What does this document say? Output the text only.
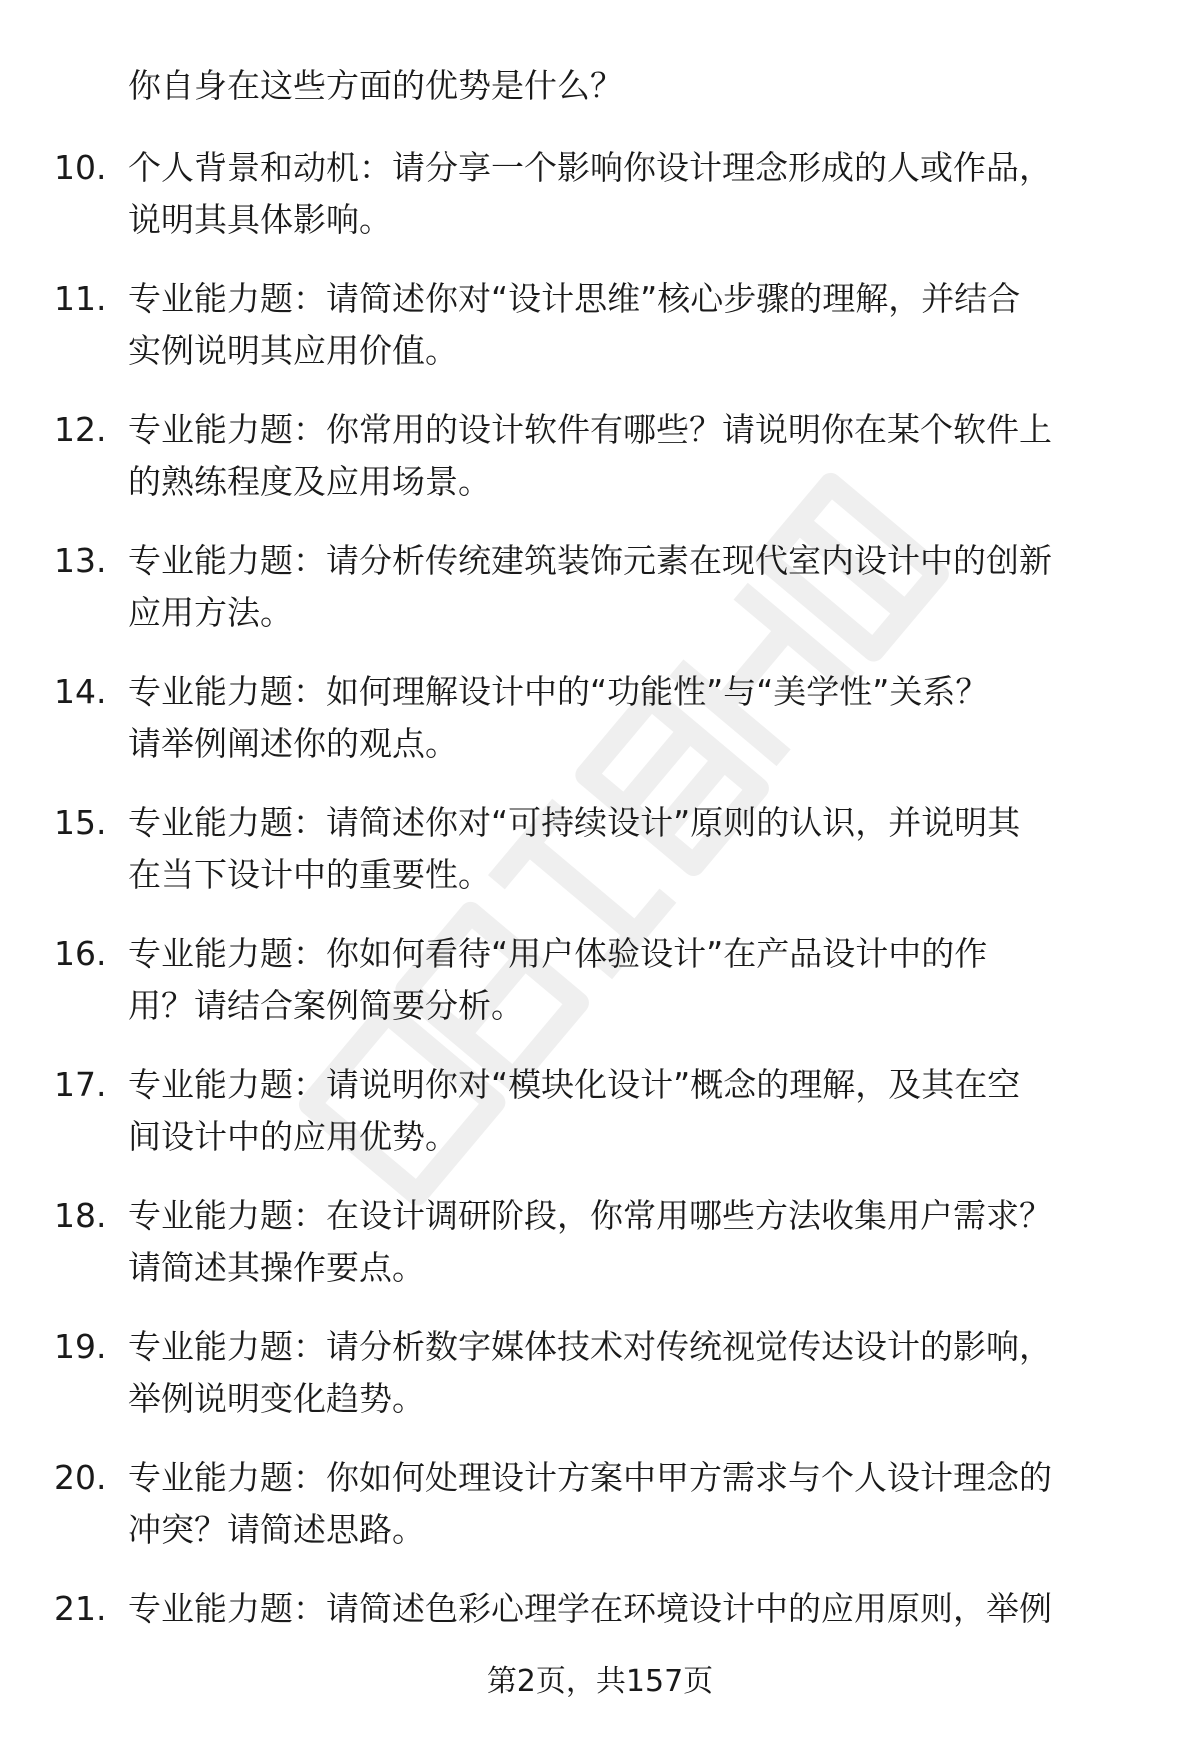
你自身在这些方面的优势是什么？
10. 个人背景和动机：请分享一个影响你设计理念形成的人或作品，
说明其具体影响。
11. 专业能力题：请简述你对“设计思维”核心步骤的理解，并结合
实例说明其应用价值。
12. 专业能力题：你常用的设计软件有哪些？请说明你在某个软件上
的熟练程度及应用场景。
13. 专业能力题：请分析传统建筑装饰元素在现代室内设计中的创新
应用方法。
14. 专业能力题：如何理解设计中的“功能性”与“美学性”关系？
请举例阐述你的观点。
15. 专业能力题：请简述你对“可持续设计”原则的认识，并说明其
在当下设计中的重要性。
16. 专业能力题：你如何看待“用户体验设计”在产品设计中的作
用？请结合案例简要分析。
17. 专业能力题：请说明你对“模块化设计”概念的理解，及其在空
间设计中的应用优势。
18. 专业能力题：在设计调研阶段，你常用哪些方法收集用户需求？
请简述其操作要点。
19. 专业能力题：请分析数字媒体技术对传统视觉传达设计的影响，
举例说明变化趋势。
20. 专业能力题：你如何处理设计方案中甲方需求与个人设计理念的
冲突？请简述思路。
21. 专业能力题：请简述色彩心理学在环境设计中的应用原则，举例
第2页，共157页
